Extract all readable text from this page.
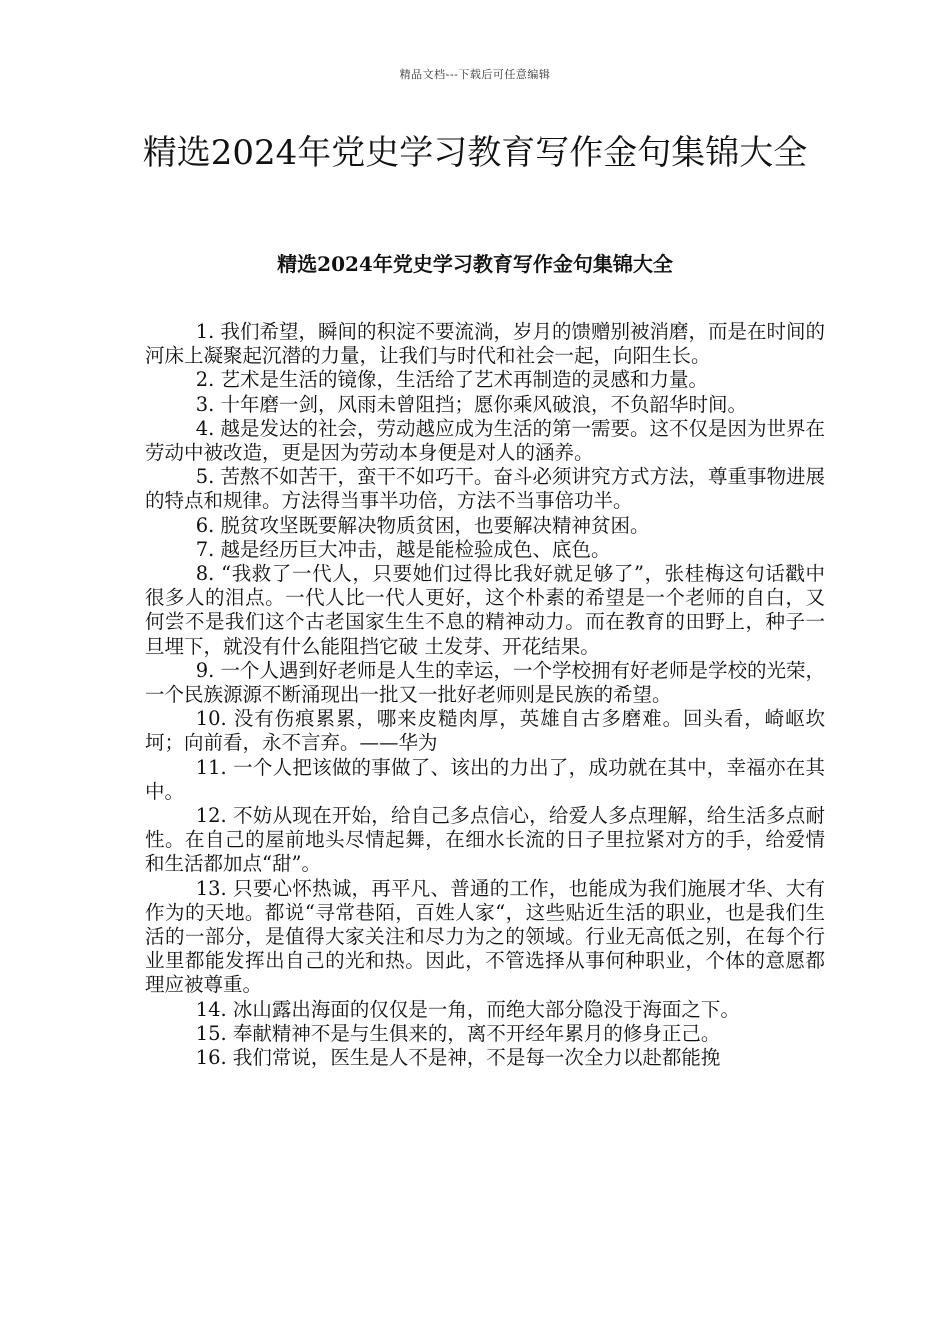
精品文档---下载后可任意编辑
精选2024年党史学习教育写作金句集锦大全
精选2024年党史学习教育写作金句集锦大全

1. 我们希望，瞬间的积淀不要流淌，岁月的馈赠别被消磨，而是在时间的河床上凝聚起沉潜的力量，让我们与时代和社会一起，向阳生长。

2. 艺术是生活的镜像，生活给了艺术再制造的灵感和力量。

3. 十年磨一剑，风雨未曾阻挡；愿你乘风破浪，不负韶华时间。

4. 越是发达的社会，劳动越应成为生活的第一需要。这不仅是因为世界在劳动中被改造，更是因为劳动本身便是对人的涵养。

5. 苦熬不如苦干，蛮干不如巧干。奋斗必须讲究方式方法，尊重事物进展的特点和规律。方法得当事半功倍，方法不当事倍功半。

6. 脱贫攻坚既要解决物质贫困，也要解决精神贫困。

7. 越是经历巨大冲击，越是能检验成色、底色。

8. “我救了一代人，只要她们过得比我好就足够了”，张桂梅这句话戳中很多人的泪点。一代人比一代人更好，这个朴素的希望是一个老师的自白，又何尝不是我们这个古老国家生生不息的精神动力。而在教育的田野上，种子一旦埋下，就没有什么能阻挡它破 土发芽、开花结果。

9. 一个人遇到好老师是人生的幸运，一个学校拥有好老师是学校的光荣，一个民族源源不断涌现出一批又一批好老师则是民族的希望。

10. 没有伤痕累累，哪来皮糙肉厚，英雄自古多磨难。回头看，崎岖坎坷；向前看，永不言弃。——华为

11. 一个人把该做的事做了、该出的力出了，成功就在其中，幸福亦在其中。

12. 不妨从现在开始，给自己多点信心，给爱人多点理解，给生活多点耐性。在自己的屋前地头尽情起舞，在细水长流的日子里拉紧对方的手，给爱情和生活都加点“甜”。

13. 只要心怀热诚，再平凡、普通的工作，也能成为我们施展才华、大有作为的天地。都说“寻常巷陌，百姓人家“，这些贴近生活的职业，也是我们生活的一部分，是值得大家关注和尽力为之的领域。行业无高低之别，在每个行业里都能发挥出自己的光和热。因此，不管选择从事何种职业，个体的意愿都理应被尊重。

14. 冰山露出海面的仅仅是一角，而绝大部分隐没于海面之下。

15. 奉献精神不是与生俱来的，离不开经年累月的修身正己。

16. 我们常说，医生是人不是神，不是每一次全力以赴都能挽
